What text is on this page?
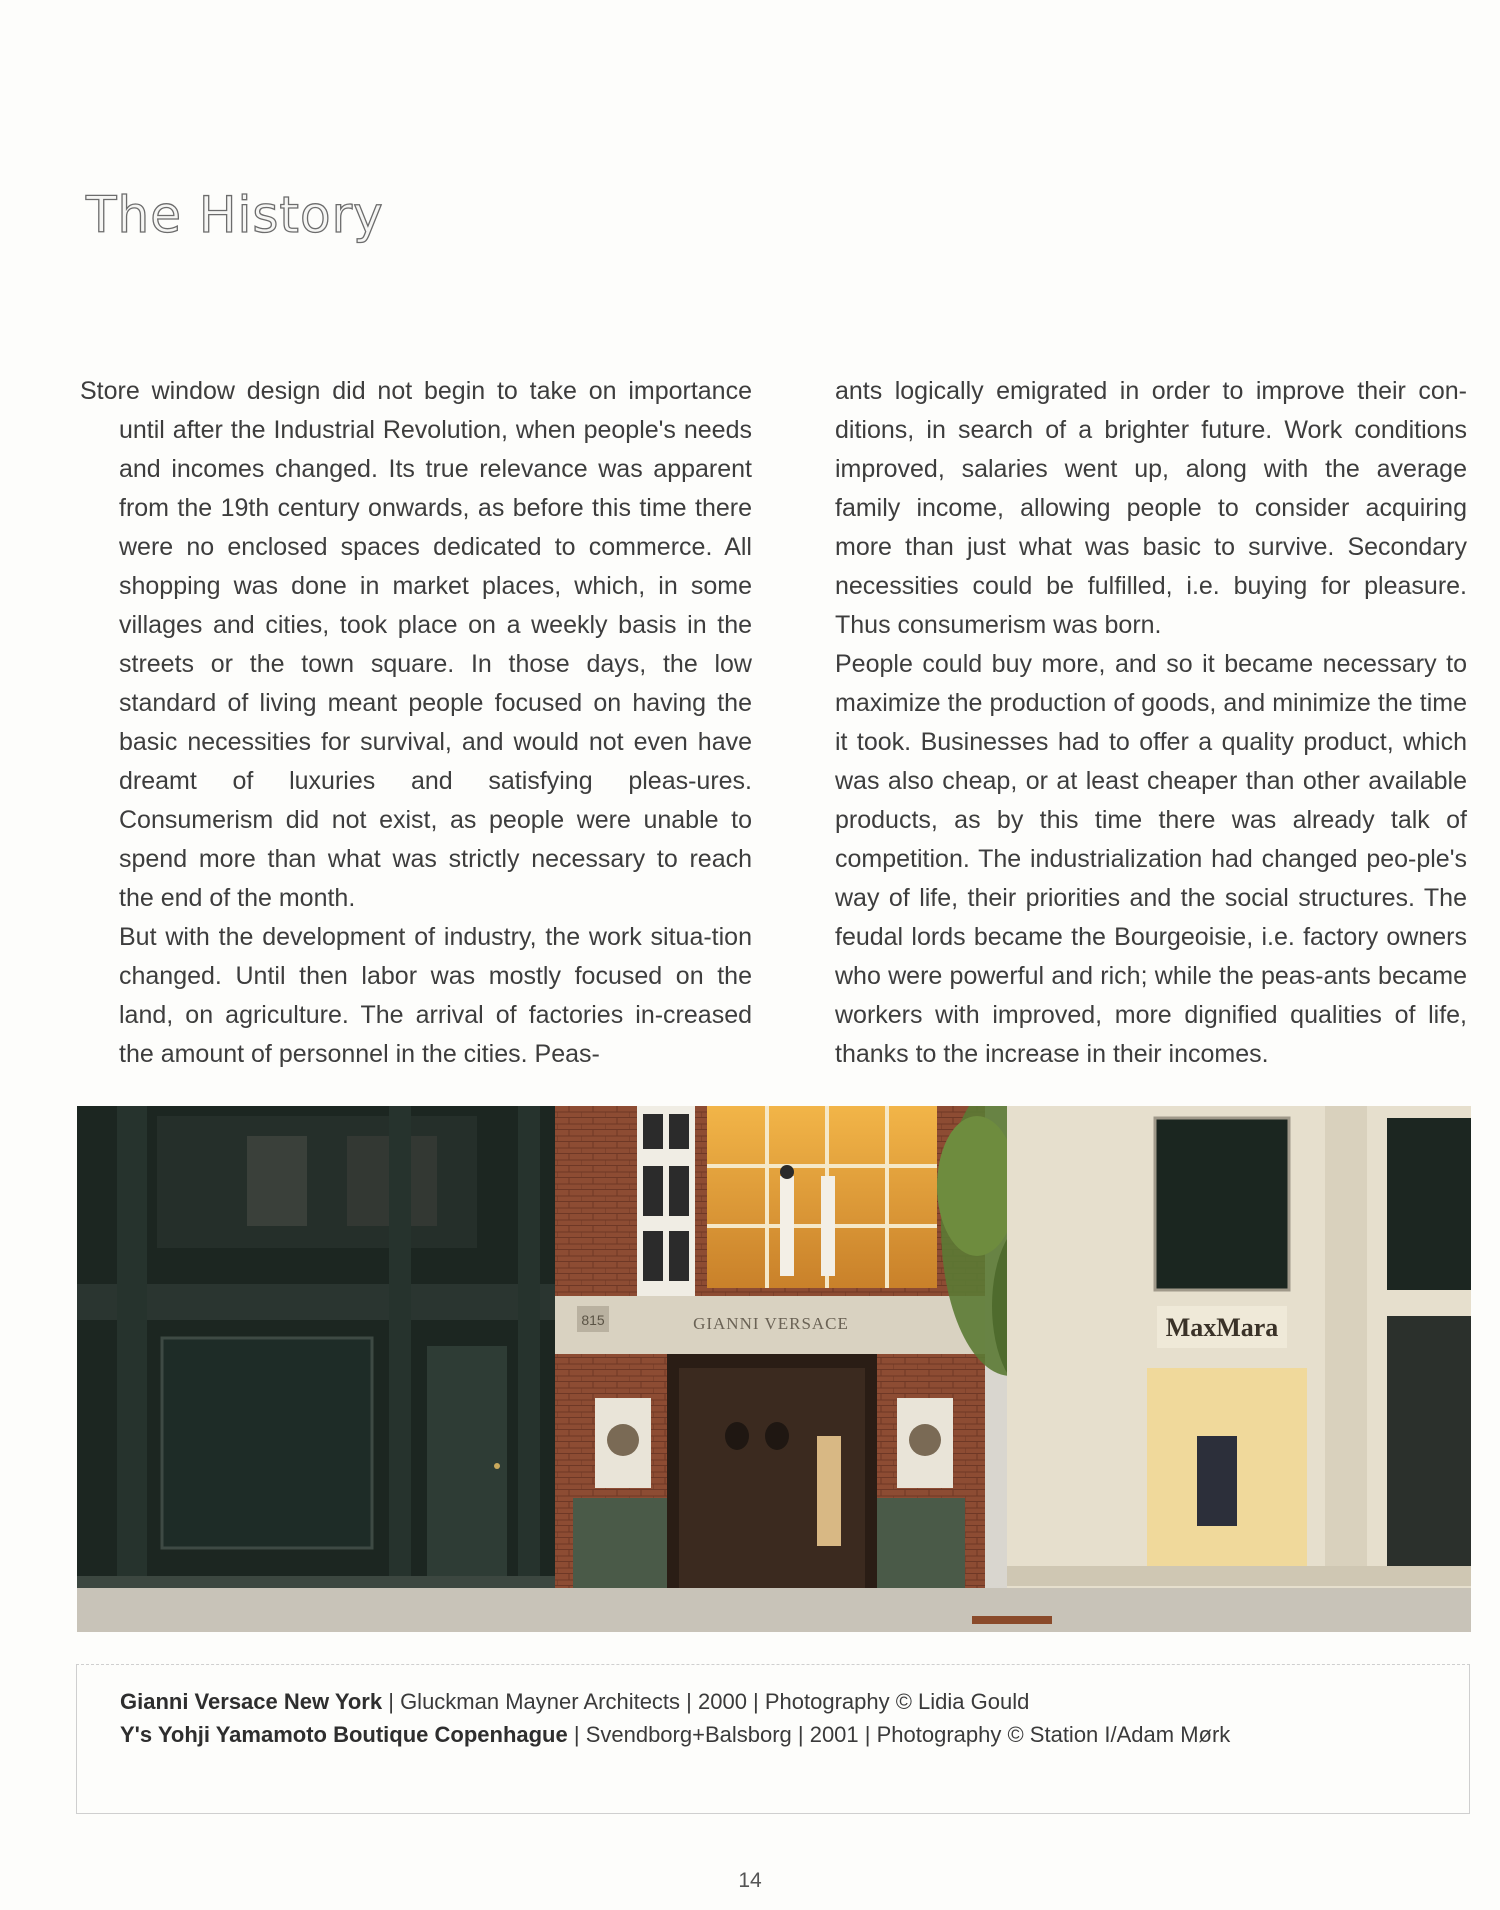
The History

Store window design did not begin to take on importance until after the Industrial Revolution, when people's needs and incomes changed. Its true relevance was apparent from the 19th century onwards, as before this time there were no enclosed spaces dedicated to commerce. All shopping was done in market places, which, in some villages and cities, took place on a weekly basis in the streets or the town square. In those days, the low standard of living meant people focused on having the basic necessities for survival, and would not even have dreamt of luxuries and satisfying pleas-ures. Consumerism did not exist, as people were unable to spend more than what was strictly necessary to reach the end of the month.

But with the development of industry, the work situa-tion changed. Until then labor was mostly focused on the land, on agriculture. The arrival of factories in-creased the amount of personnel in the cities. Peas-

ants logically emigrated in order to improve their con-ditions, in search of a brighter future. Work conditions improved, salaries went up, along with the average family income, allowing people to consider acquiring more than just what was basic to survive. Secondary necessities could be fulfilled, i.e. buying for pleasure. Thus consumerism was born.

People could buy more, and so it became necessary to maximize the production of goods, and minimize the time it took. Businesses had to offer a quality product, which was also cheap, or at least cheaper than other available products, as by this time there was already talk of competition. The industrialization had changed peo-ple's way of life, their priorities and the social structures. The feudal lords became the Bourgeoisie, i.e. factory owners who were powerful and rich; while the peas-ants became workers with improved, more dignified qualities of life, thanks to the increase in their incomes.

815	GIANNI VERSACE	MaxMara
Gianni Versace New York | Gluckman Mayner Architects | 2000 | Photography © Lidia Gould
Y's Yohji Yamamoto Boutique Copenhague | Svendborg+Balsborg | 2001 | Photography © Station I/Adam Mørk
14
